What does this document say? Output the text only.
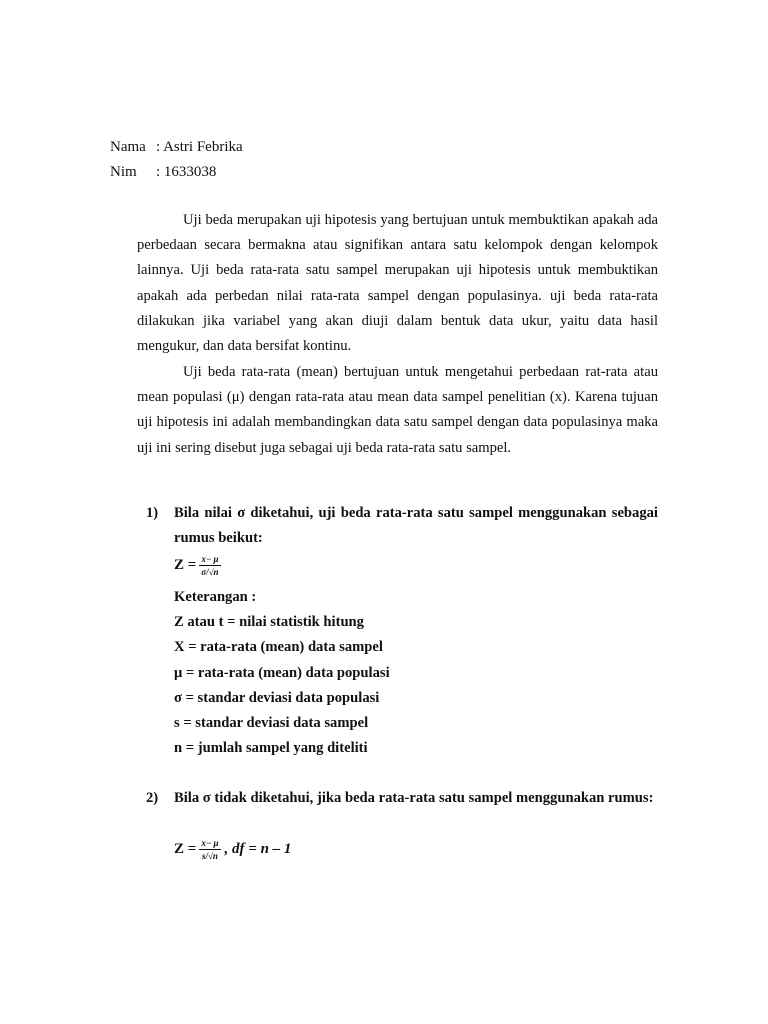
Nama : Astri Febrika
Nim : 1633038

Uji beda merupakan uji hipotesis yang bertujuan untuk membuktikan apakah ada perbedaan secara bermakna atau signifikan antara satu kelompok dengan kelompok lainnya. Uji beda rata-rata satu sampel merupakan uji hipotesis untuk membuktikan apakah ada perbedan nilai rata-rata sampel dengan populasinya. uji beda rata-rata dilakukan jika variabel yang akan diuji dalam bentuk data ukur, yaitu data hasil mengukur, dan data bersifat kontinu.

Uji beda rata-rata (mean) bertujuan untuk mengetahui perbedaan rat-rata atau mean populasi (μ) dengan rata-rata atau mean data sampel penelitian (x). Karena tujuan uji hipotesis ini adalah membandingkan data satu sampel dengan data populasinya maka uji ini sering disebut juga sebagai uji beda rata-rata satu sampel.

1) Bila nilai σ diketahui, uji beda rata-rata satu sampel menggunakan sebagai rumus beikut:
$Z = \frac{x- \mu}{\sigma/√n}$
Keterangan :
Z atau t = nilai statistik hitung
X = rata-rata (mean) data sampel
μ = rata-rata (mean) data populasi
σ = standar deviasi data populasi
s = standar deviasi data sampel
n = jumlah sampel yang diteliti
2) Bila σ tidak diketahui, jika beda rata-rata satu sampel menggunakan rumus:
$Z = \frac{x- \mu}{s/√n}$ , df = n – 1
